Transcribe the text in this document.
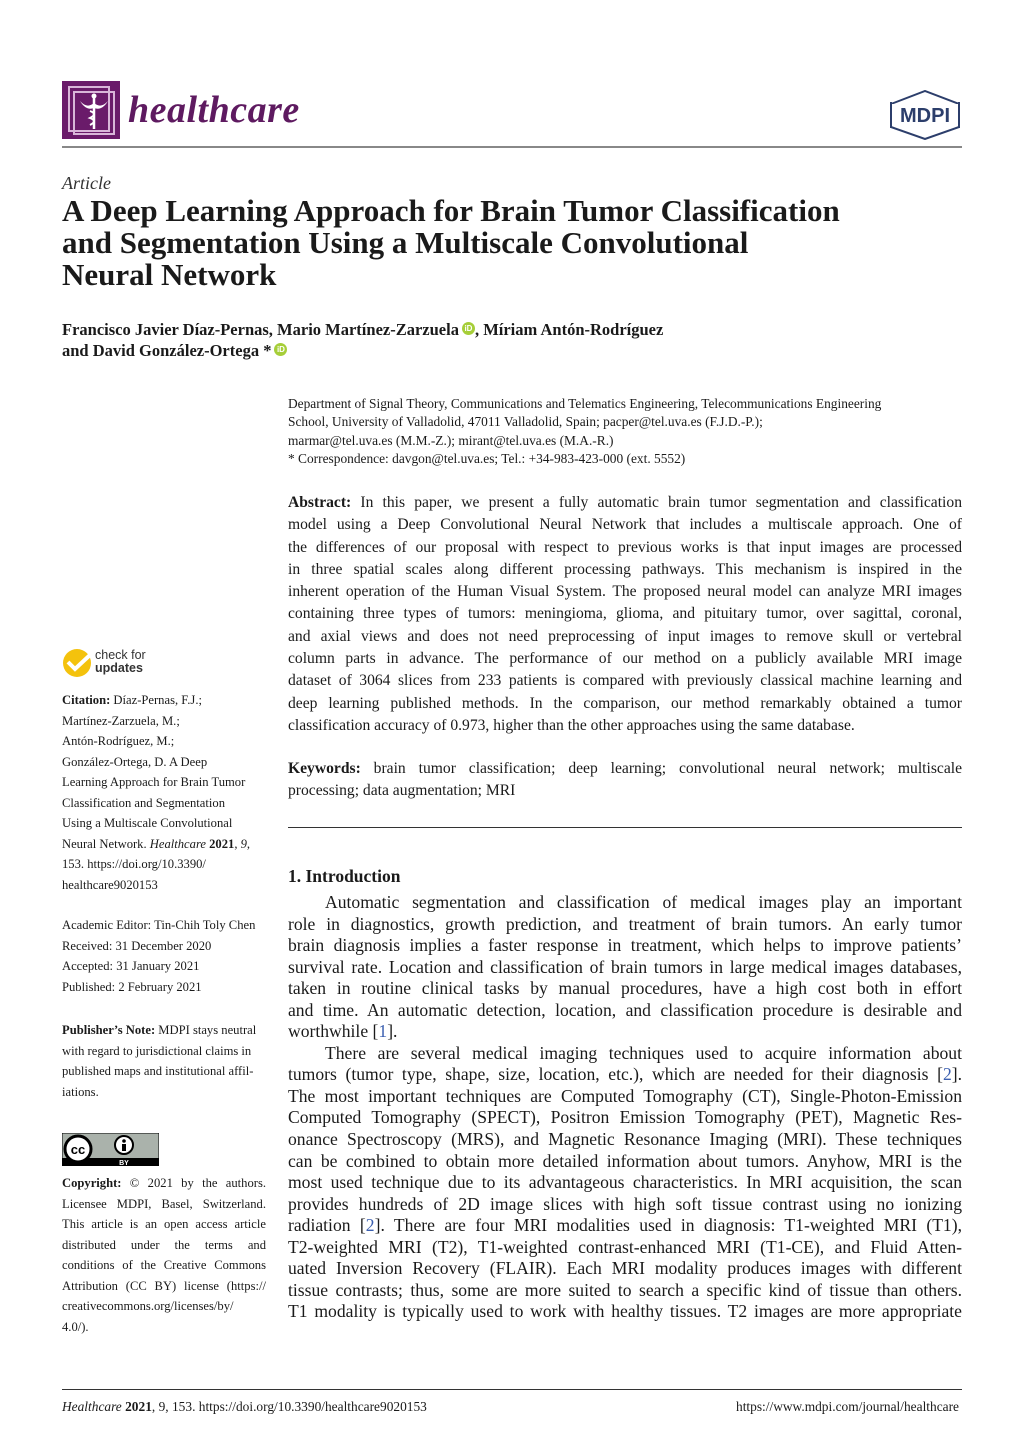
healthcare	MDPI
Article
A Deep Learning Approach for Brain Tumor Classification
and Segmentation Using a Multiscale Convolutional
Neural Network
Francisco Javier Díaz-Pernas, Mario Martínez-Zarzuela iD , Míriam Antón-Rodríguez
and David González-Ortega * iD
Department of Signal Theory, Communications and Telematics Engineering, Telecommunications Engineering
School, University of Valladolid, 47011 Valladolid, Spain; pacper@tel.uva.es (F.J.D.-P.);
marmar@tel.uva.es (M.M.-Z.); mirant@tel.uva.es (M.A.-R.)
* Correspondence: davgon@tel.uva.es; Tel.: +34-983-423-000 (ext. 5552)
Abstract: In this paper, we present a fully automatic brain tumor segmentation and classification
model using a Deep Convolutional Neural Network that includes a multiscale approach. One of
the differences of our proposal with respect to previous works is that input images are processed
in three spatial scales along different processing pathways. This mechanism is inspired in the
inherent operation of the Human Visual System. The proposed neural model can analyze MRI images
containing three types of tumors: meningioma, glioma, and pituitary tumor, over sagittal, coronal,
and axial views and does not need preprocessing of input images to remove skull or vertebral
column parts in advance. The performance of our method on a publicly available MRI image
dataset of 3064 slices from 233 patients is compared with previously classical machine learning and
deep learning published methods. In the comparison, our method remarkably obtained a tumor
classification accuracy of 0.973, higher than the other approaches using the same database.
Keywords: brain tumor classification; deep learning; convolutional neural network; multiscale
processing; data augmentation; MRI
1. Introduction
Automatic segmentation and classification of medical images play an important
role in diagnostics, growth prediction, and treatment of brain tumors. An early tumor
brain diagnosis implies a faster response in treatment, which helps to improve patients’
survival rate. Location and classification of brain tumors in large medical images databases,
taken in routine clinical tasks by manual procedures, have a high cost both in effort
and time. An automatic detection, location, and classification procedure is desirable and
worthwhile [1].
There are several medical imaging techniques used to acquire information about
tumors (tumor type, shape, size, location, etc.), which are needed for their diagnosis [2].
The most important techniques are Computed Tomography (CT), Single-Photon-Emission
Computed Tomography (SPECT), Positron Emission Tomography (PET), Magnetic Res-
onance Spectroscopy (MRS), and Magnetic Resonance Imaging (MRI). These techniques
can be combined to obtain more detailed information about tumors. Anyhow, MRI is the
most used technique due to its advantageous characteristics. In MRI acquisition, the scan
provides hundreds of 2D image slices with high soft tissue contrast using no ionizing
radiation [2]. There are four MRI modalities used in diagnosis: T1-weighted MRI (T1),
T2-weighted MRI (T2), T1-weighted contrast-enhanced MRI (T1-CE), and Fluid Atten-
uated Inversion Recovery (FLAIR). Each MRI modality produces images with different
tissue contrasts; thus, some are more suited to search a specific kind of tissue than others.
T1 modality is typically used to work with healthy tissues. T2 images are more appropriate
check for
updates
Citation: Díaz-Pernas, F.J.;
Martínez-Zarzuela, M.;
Antón-Rodríguez, M.;
González-Ortega, D. A Deep
Learning Approach for Brain Tumor
Classification and Segmentation
Using a Multiscale Convolutional
Neural Network. Healthcare 2021, 9,
153. https://doi.org/10.3390/
healthcare9020153
Academic Editor: Tin-Chih Toly Chen
Received: 31 December 2020
Accepted: 31 January 2021
Published: 2 February 2021
Publisher’s Note: MDPI stays neutral
with regard to jurisdictional claims in
published maps and institutional affil-
iations.
cc
BY
Copyright: © 2021 by the authors.
Licensee MDPI, Basel, Switzerland.
This article is an open access article
distributed under the terms and
conditions of the Creative Commons
Attribution (CC BY) license (https://
creativecommons.org/licenses/by/
4.0/).
Healthcare 2021, 9, 153. https://doi.org/10.3390/healthcare9020153	https://www.mdpi.com/journal/healthcare
